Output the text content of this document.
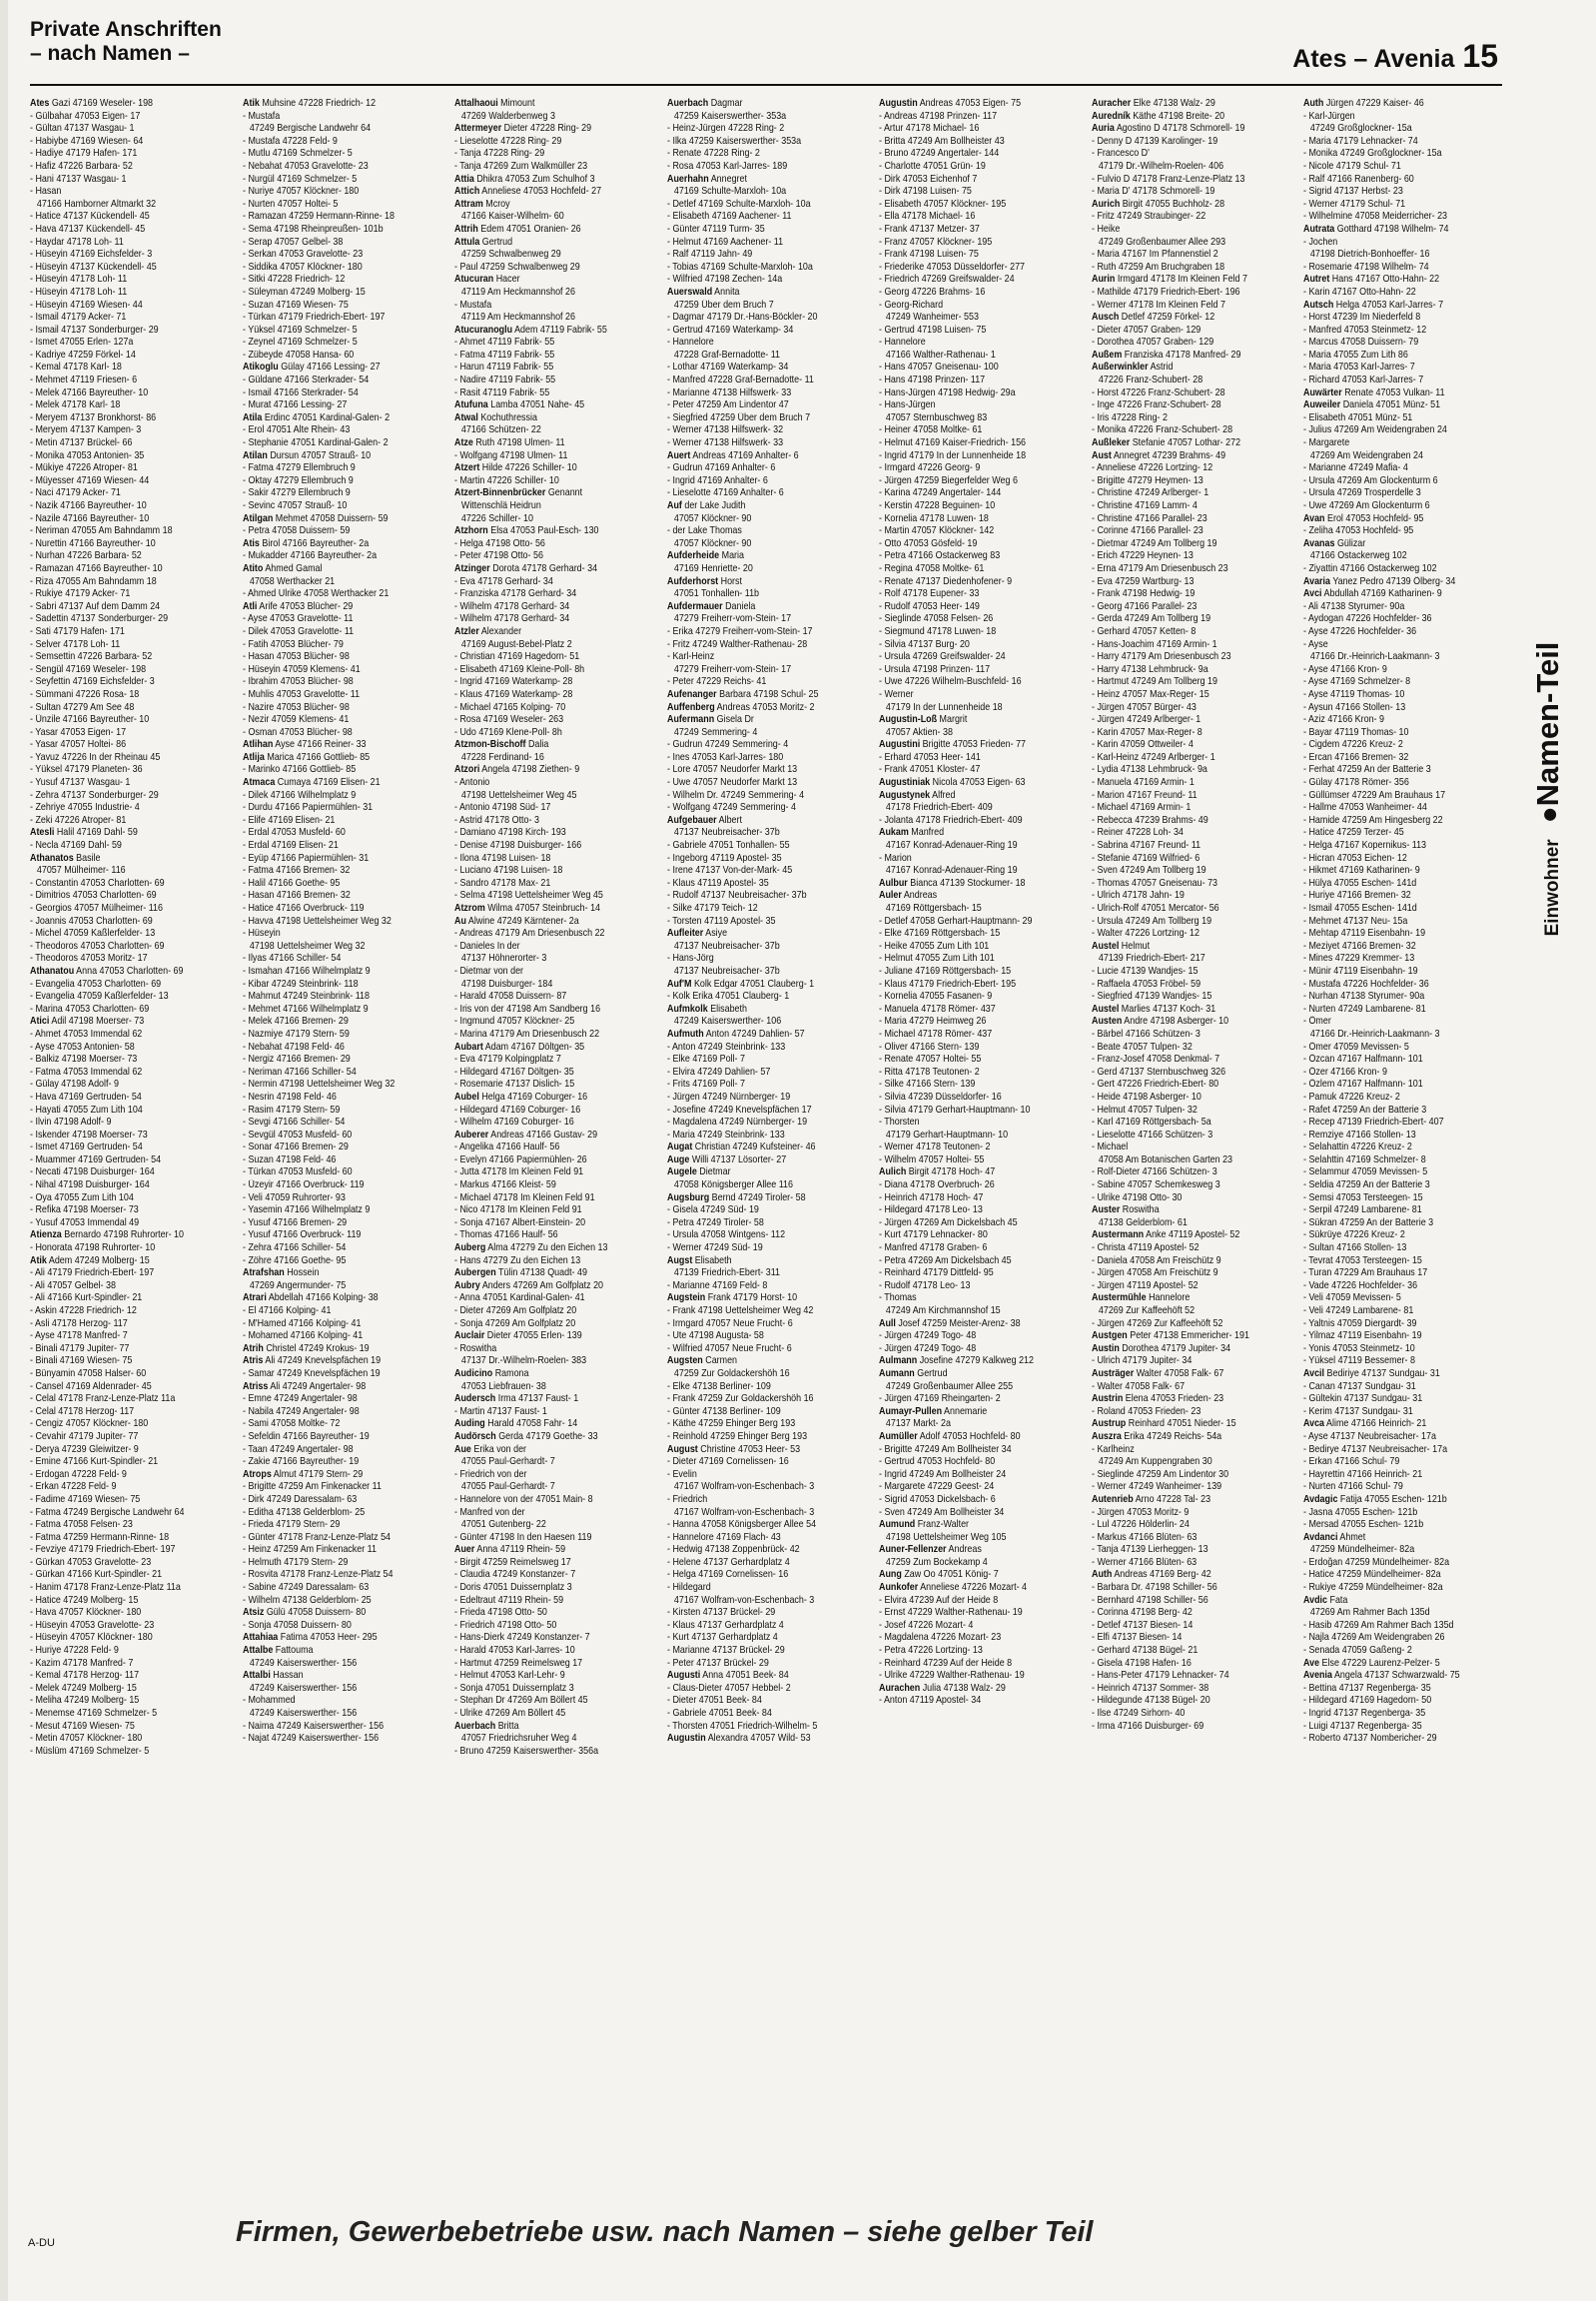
Private Anschriften
– nach Namen –	Ates – Avenia 15
Ates Gazi 47169 Weseler- 198
- Gülbahar 47053 Eigen- 17
- Gültan 47137 Wasgau- 1
- Habiybe 47169 Wiesen- 64
- Hadiye 47179 Hafen- 171
- Hafiz 47226 Barbara- 52
- Hani 47137 Wasgau- 1
- Hasan
47166 Hamborner Altmarkt 32
- Hatice 47137 Kückendell- 45
- Hava 47137 Kückendell- 45
- Haydar 47178 Loh- 11
- Hüseyin 47169 Eichsfelder- 3
- Hüseyin 47137 Kückendell- 45
- Hüseyin 47178 Loh- 11
- Hüseyin 47178 Loh- 11
- Hüseyin 47169 Wiesen- 44
- Ismail 47179 Acker- 71
- Ismail 47137 Sonderburger- 29
- Ismet 47055 Erlen- 127a
- Kadriye 47259 Förkel- 14
- Kemal 47178 Karl- 18
- Mehmet 47119 Friesen- 6
- Melek 47166 Bayreuther- 10
- Melek 47178 Karl- 18
- Meryem 47137 Bronkhorst- 86
- Meryem 47137 Kampen- 3
- Metin 47137 Brückel- 66
- Monika 47053 Antonien- 35
- Mükiye 47226 Atroper- 81
- Müyesser 47169 Wiesen- 44
- Naci 47179 Acker- 71
- Nazik 47166 Bayreuther- 10
- Nazile 47166 Bayreuther- 10
- Neriman 47055 Am Bahndamm 18
- Nurettin 47166 Bayreuther- 10
- Nurhan 47226 Barbara- 52
- Ramazan 47166 Bayreuther- 10
- Riza 47055 Am Bahndamm 18
- Rukiye 47179 Acker- 71
- Sabri 47137 Auf dem Damm 24
- Sadettin 47137 Sonderburger- 29
- Sati 47179 Hafen- 171
- Selver 47178 Loh- 11
- Semsettin 47226 Barbara- 52
- Sengül 47169 Weseler- 198
- Seyfettin 47169 Eichsfelder- 3
- Sümmani 47226 Rosa- 18
- Sultan 47279 Am See 48
- Ünzile 47166 Bayreuther- 10
- Yasar 47053 Eigen- 17
- Yasar 47057 Holtei- 86
- Yavuz 47226 In der Rheinau 45
- Yüksel 47179 Planeten- 36
- Yusuf 47137 Wasgau- 1
- Zehra 47137 Sonderburger- 29
- Zehriye 47055 Industrie- 4
- Zeki 47226 Atroper- 81
Atesli Halil 47169 Dahl- 59
- Necla 47169 Dahl- 59
Athanatos Basile
47057 Mülheimer- 116
- Constantin 47053 Charlotten- 69
- Dimitrios 47053 Charlotten- 69
- Georgios 47057 Mülheimer- 116
- Joannis 47053 Charlotten- 69
- Michel 47059 Kaßlerfelder- 13
- Theodoros 47053 Charlotten- 69
- Theodoros 47053 Moritz- 17
Athanatou Anna 47053 Charlotten- 69
- Evangelia 47053 Charlotten- 69
- Evangelia 47059 Kaßlerfelder- 13
- Marina 47053 Charlotten- 69
Atici Adil 47198 Moerser- 73
- Ahmet 47053 Immendal 62
- Ayse 47053 Antonien- 58
- Balkiz 47198 Moerser- 73
- Fatma 47053 Immendal 62
- Gülay 47198 Adolf- 9
- Hava 47169 Gertruden- 54
- Hayati 47055 Zum Lith 104
- Ilvin 47198 Adolf- 9
- Iskender 47198 Moerser- 73
- Ismet 47169 Gertruden- 54
- Muammer 47169 Gertruden- 54
- Necati 47198 Duisburger- 164
- Nihal 47198 Duisburger- 164
- Oya 47055 Zum Lith 104
- Refika 47198 Moerser- 73
- Yusuf 47053 Immendal 49
Atienza Bernardo 47198 Ruhrorter- 10
- Honorata 47198 Ruhrorter- 10
Atik Adem 47249 Molberg- 15
- Ali 47179 Friedrich-Ebert- 197
- Ali 47057 Gelbel- 38
- Ali 47166 Kurt-Spindler- 21
- Askin 47228 Friedrich- 12
- Asli 47178 Herzog- 117
- Ayse 47178 Manfred- 7
- Binali 47179 Jupiter- 77
- Binali 47169 Wiesen- 75
- Bünyamin 47058 Halser- 60
- Cansel 47169 Aldenrader- 45
- Celal 47178 Franz-Lenze-Platz 11a
- Celal 47178 Herzog- 117
- Cengiz 47057 Klöckner- 180
- Cevahir 47179 Jupiter- 77
- Derya 47239 Gleiwitzer- 9
- Emine 47166 Kurt-Spindler- 21
- Erdogan 47228 Feld- 9
- Erkan 47228 Feld- 9
- Fadime 47169 Wiesen- 75
- Fatma 47249 Bergische Landwehr 64
- Fatma 47058 Felsen- 23
- Fatma 47259 Hermann-Rinne- 18
- Fevziye 47179 Friedrich-Ebert- 197
- Gürkan 47053 Gravelotte- 23
- Gürkan 47166 Kurt-Spindler- 21
- Hanim 47178 Franz-Lenze-Platz 11a
- Hatice 47249 Molberg- 15
- Hava 47057 Klöckner- 180
- Hüseyin 47053 Gravelotte- 23
- Hüseyin 47057 Klöckner- 180
- Huriye 47228 Feld- 9
- Kazim 47178 Manfred- 7
- Kemal 47178 Herzog- 117
- Melek 47249 Molberg- 15
- Meliha 47249 Molberg- 15
- Menemse 47169 Schmelzer- 5
- Mesut 47169 Wiesen- 75
- Metin 47057 Klöckner- 180
- Müslüm 47169 Schmelzer- 5
Atik Muhsine 47228 Friedrich- 12
- Mustafa
47249 Bergische Landwehr 64
- Mustafa 47228 Feld- 9
- Mutlu 47169 Schmelzer- 5
- Nebahat 47053 Gravelotte- 23
- Nurgül 47169 Schmelzer- 5
- Nuriye 47057 Klöckner- 180
- Nurten 47057 Holtei- 5
- Ramazan 47259 Hermann-Rinne- 18
- Sema 47198 Rheinpreußen- 101b
- Serap 47057 Gelbel- 38
- Serkan 47053 Gravelotte- 23
- Siddika 47057 Klöckner- 180
- Sitki 47228 Friedrich- 12
- Süleyman 47249 Molberg- 15
- Suzan 47169 Wiesen- 75
- Türkan 47179 Friedrich-Ebert- 197
- Yüksel 47169 Schmelzer- 5
- Zeynel 47169 Schmelzer- 5
- Zübeyde 47058 Hansa- 60
Atikoglu Gülay 47166 Lessing- 27
- Güldane 47166 Sterkrader- 54
- Ismail 47166 Sterkrader- 54
- Murat 47166 Lessing- 27
Atila Erdinc 47051 Kardinal-Galen- 2
- Erol 47051 Alte Rhein- 43
- Stephanie 47051 Kardinal-Galen- 2
Atilan Dursun 47057 Strauß- 10
- Fatma 47279 Ellembruch 9
- Oktay 47279 Ellembruch 9
- Sakir 47279 Ellembruch 9
- Sevinc 47057 Strauß- 10
Atilgan Mehmet 47058 Duissern- 59
- Petra 47058 Duissern- 59
Atis Birol 47166 Bayreuther- 2a
- Mukadder 47166 Bayreuther- 2a
Atito Ahmed Gamal
47058 Werthacker 21
- Ahmed Ulrike 47058 Werthacker 21
Atli Arife 47053 Blücher- 29
- Ayse 47053 Gravelotte- 11
- Dilek 47053 Gravelotte- 11
- Fatih 47053 Blücher- 79
- Hasan 47053 Blücher- 98
- Hüseyin 47059 Klemens- 41
- Ibrahim 47053 Blücher- 98
- Muhlis 47053 Gravelotte- 11
- Nazire 47053 Blücher- 98
- Nezir 47059 Klemens- 41
- Osman 47053 Blücher- 98
Atlihan Ayse 47166 Reiner- 33
Atlija Marica 47166 Gottlieb- 85
- Marinko 47166 Gottlieb- 85
Atmaca Cumaya 47169 Elisen- 21
- Dilek 47166 Wilhelmplatz 9
- Durdu 47166 Papiermühlen- 31
- Elife 47169 Elisen- 21
- Erdal 47053 Musfeld- 60
- Erdal 47169 Elisen- 21
- Eyüp 47166 Papiermühlen- 31
- Fatma 47166 Bremen- 32
- Halil 47166 Goethe- 95
- Hasan 47166 Bremen- 32
- Hatice 47166 Overbruck- 119
- Havva 47198 Uettelsheimer Weg 32
- Hüseyin
47198 Uettelsheimer Weg 32
- Ilyas 47166 Schiller- 54
- Ismahan 47166 Wilhelmplatz 9
- Kibar 47249 Steinbrink- 118
- Mahmut 47249 Steinbrink- 118
- Mehmet 47166 Wilhelmplatz 9
- Melek 47166 Bremen- 29
- Nazmiye 47179 Stern- 59
- Nebahat 47198 Feld- 46
- Nergiz 47166 Bremen- 29
- Neriman 47166 Schiller- 54
- Nermin 47198 Uettelsheimer Weg 32
- Nesrin 47198 Feld- 46
- Rasim 47179 Stern- 59
- Sevgi 47166 Schiller- 54
- Sevgül 47053 Musfeld- 60
- Sonar 47166 Bremen- 29
- Suzan 47198 Feld- 46
- Türkan 47053 Musfeld- 60
- Üzeyir 47166 Overbruck- 119
- Veli 47059 Ruhrorter- 93
- Yasemin 47166 Wilhelmplatz 9
- Yusuf 47166 Bremen- 29
- Yusuf 47166 Overbruck- 119
- Zehra 47166 Schiller- 54
- Zöhre 47166 Goethe- 95
Atrafshan Hossein
47269 Angermunder- 75
Atrari Abdellah 47166 Kolping- 38
- El 47166 Kolping- 41
- M'Hamed 47166 Kolping- 41
- Mohamed 47166 Kolping- 41
Atrih Christel 47249 Krokus- 19
Atris Ali 47249 Knevelspfächen 19
- Samar 47249 Knevelspfächen 19
Atriss Ali 47249 Angertaler- 98
- Emne 47249 Angertaler- 98
- Nabila 47249 Angertaler- 98
- Sami 47058 Moltke- 72
- Sefeldin 47166 Bayreuther- 19
- Taan 47249 Angertaler- 98
- Zakie 47166 Bayreuther- 19
Atrops Almut 47179 Stern- 29
- Brigitte 47259 Am Finkenacker 11
- Dirk 47249 Daressalam- 63
- Editha 47138 Gelderblom- 25
- Frieda 47179 Stern- 29
- Günter 47178 Franz-Lenze-Platz 54
- Heinz 47259 Am Finkenacker 11
- Helmuth 47179 Stern- 29
- Rosvita 47178 Franz-Lenze-Platz 54
- Sabine 47249 Daressalam- 63
- Wilhelm 47138 Gelderblom- 25
Atsiz Gülü 47058 Duissern- 80
- Sonja 47058 Duissern- 80
Attahiaa Fatima 47053 Heer- 295
Attalbe Fattouma
47249 Kaiserswerther- 156
Attalbi Hassan
47249 Kaiserswerther- 156
- Mohammed
47249 Kaiserswerther- 156
- Naima 47249 Kaiserswerther- 156
- Najat 47249 Kaiserswerther- 156
Attalhaoui Mimount
47269 Walderbenweg 3
Attermeyer Dieter 47228 Ring- 29
- Lieselotte 47228 Ring- 29
- Tanja 47228 Ring- 29
- Tanja 47269 Zum Walkmüller 23
Attia Dhikra 47053 Zum Schulhof 3
Attich Anneliese 47053 Hochfeld- 27
Attram Mcroy
47166 Kaiser-Wilhelm- 60
Attrih Edem 47051 Oranien- 26
Attula Gertrud
47259 Schwalbenweg 29
- Paul 47259 Schwalbenweg 29
Atucuran Hacer
47119 Am Heckmannshof 26
- Mustafa
47119 Am Heckmannshof 26
Atucuranoglu Adem 47119 Fabrik- 55
- Ahmet 47119 Fabrik- 55
- Fatma 47119 Fabrik- 55
- Harun 47119 Fabrik- 55
- Nadire 47119 Fabrik- 55
- Rasit 47119 Fabrik- 55
Atufuna Lamba 47051 Nahe- 45
Atwal Kochuthressia
47166 Schützen- 22
Atze Ruth 47198 Ulmen- 11
- Wolfgang 47198 Ulmen- 11
Atzert Hilde 47226 Schiller- 10
- Martin 47226 Schiller- 10
Atzert-Binnenbrücker Genannt
Wittenschlä Heidrun
47226 Schiller- 10
Atzhorn Elsa 47053 Paul-Esch- 130
- Helga 47198 Otto- 56
- Peter 47198 Otto- 56
Atzinger Dorota 47178 Gerhard- 34
- Eva 47178 Gerhard- 34
- Franziska 47178 Gerhard- 34
- Wilhelm 47178 Gerhard- 34
- Wilhelm 47178 Gerhard- 34
Atzler Alexander
47169 August-Bebel-Platz 2
- Christian 47169 Hagedorn- 51
- Elisabeth 47169 Kleine-Poll- 8h
- Ingrid 47169 Waterkamp- 28
- Klaus 47169 Waterkamp- 28
- Michael 47165 Kolping- 70
- Rosa 47169 Weseler- 263
- Udo 47169 Klene-Poll- 8h
Atzmon-Bischoff Dalia
47228 Ferdinand- 16
Atzori Angela 47198 Ziethen- 9
- Antonio
47198 Uettelsheimer Weg 45
- Antonio 47198 Süd- 17
- Astrid 47178 Otto- 3
- Damiano 47198 Kirch- 193
- Denise 47198 Duisburger- 166
- Ilona 47198 Luisen- 18
- Luciano 47198 Luisen- 18
- Sandro 47178 Max- 21
- Selma 47198 Uettelsheimer Weg 45
Atzrom Wilma 47057 Steinbruch- 14
Au Alwine 47249 Kärntener- 2a
- Andreas 47179 Am Driesenbusch 22
- Danieles In der
47137 Höhnerorter- 3
- Dietmar von der
47198 Duisburger- 184
- Harald 47058 Duissern- 87
- Iris von der 47198 Am Sandberg 16
- Ingmund 47057 Klöckner- 25
- Marina 47179 Am Driesenbusch 22
Aubart Adam 47167 Döltgen- 35
- Eva 47179 Kolpingplatz 7
- Hildegard 47167 Döltgen- 35
- Rosemarie 47137 Dislich- 15
Aubel Helga 47169 Coburger- 16
- Hildegard 47169 Coburger- 16
- Wilhelm 47169 Coburger- 16
Auberer Andreas 47166 Gustav- 29
- Angelika 47166 Haulf- 56
- Evelyn 47166 Papiermühlen- 26
- Jutta 47178 Im Kleinen Feld 91
- Markus 47166 Kleist- 59
- Michael 47178 Im Kleinen Feld 91
- Nico 47178 Im Kleinen Feld 91
- Sonja 47167 Albert-Einstein- 20
- Thomas 47166 Haulf- 56
Auberg Alma 47279 Zu den Eichen 13
- Hans 47279 Zu den Eichen 13
Aubergen Tülin 47138 Quadt- 49
Aubry Anders 47269 Am Golfplatz 20
- Anna 47051 Kardinal-Galen- 41
- Dieter 47269 Am Golfplatz 20
- Sonja 47269 Am Golfplatz 20
Auclair Dieter 47055 Erlen- 139
- Roswitha
47137 Dr.-Wilhelm-Roelen- 383
Audicino Ramona
47053 Liebfrauen- 38
Audersch Irma 47137 Faust- 1
- Martin 47137 Faust- 1
Auding Harald 47058 Fahr- 14
Audörsch Gerda 47179 Goethe- 33
Aue Erika von der
47055 Paul-Gerhardt- 7
- Friedrich von der
47055 Paul-Gerhardt- 7
- Hannelore von der 47051 Main- 8
- Manfred von der
47051 Gutenberg- 22
- Günter 47198 In den Haesen 119
Auer Anna 47119 Rhein- 59
- Birgit 47259 Reimelsweg 17
- Claudia 47249 Konstanzer- 7
- Doris 47051 Duissernplatz 3
- Edeltraut 47119 Rhein- 59
- Frieda 47198 Otto- 50
- Friedrich 47198 Otto- 50
- Hans-Dierk 47249 Konstanzer- 7
- Harald 47053 Karl-Jarres- 10
- Hartmut 47259 Reimelsweg 17
- Helmut 47053 Karl-Lehr- 9
- Sonja 47051 Duissernplatz 3
- Stephan Dr 47269 Am Böllert 45
- Ulrike 47269 Am Böllert 45
Auerbach Britta
47057 Friedrichsruher Weg 4
- Bruno 47259 Kaiserswerther- 356a
Auerbach Dagmar
47259 Kaiserswerther- 353a
- Heinz-Jürgen 47228 Ring- 2
- Ilka 47259 Kaiserswerther- 353a
- Renate 47228 Ring- 2
- Rosa 47053 Karl-Jarres- 189
Auerhahn Annegret
47169 Schulte-Marxloh- 10a
- Detlef 47169 Schulte-Marxloh- 10a
- Elisabeth 47169 Aachener- 11
- Günter 47119 Turm- 35
- Helmut 47169 Aachener- 11
- Ralf 47119 Jahn- 49
- Tobias 47169 Schulte-Marxloh- 10a
- Wilfried 47198 Zechen- 14a
Auerswald Annita
47259 Über dem Bruch 7
- Dagmar 47179 Dr.-Hans-Böckler- 20
- Gertrud 47169 Waterkamp- 34
- Hannelore
47228 Graf-Bernadotte- 11
- Lothar 47169 Waterkamp- 34
- Manfred 47228 Graf-Bernadotte- 11
- Marianne 47138 Hilfswerk- 33
- Peter 47259 Am Lindentor 47
- Siegfried 47259 Über dem Bruch 7
- Werner 47138 Hilfswerk- 32
- Werner 47138 Hilfswerk- 33
Auert Andreas 47169 Anhalter- 6
- Gudrun 47169 Anhalter- 6
- Ingrid 47169 Anhalter- 6
- Lieselotte 47169 Anhalter- 6
Auf der Lake Judith
47057 Klöckner- 90
- der Lake Thomas
47057 Klöckner- 90
Aufderheide Maria
47169 Henriette- 20
Aufderhorst Horst
47051 Tonhallen- 11b
Aufdermauer Daniela
47279 Freiherr-vom-Stein- 17
- Erika 47279 Freiherr-vom-Stein- 17
- Fritz 47249 Walther-Rathenau- 28
- Karl-Heinz
47279 Freiherr-vom-Stein- 17
- Peter 47229 Reichs- 41
Aufenanger Barbara 47198 Schul- 25
Auffenberg Andreas 47053 Moritz- 2
Aufermann Gisela Dr
47249 Semmering- 4
- Gudrun 47249 Semmering- 4
- Ines 47053 Karl-Jarres- 180
- Lore 47057 Neudorfer Markt 13
- Uwe 47057 Neudorfer Markt 13
- Wilhelm Dr. 47249 Semmering- 4
- Wolfgang 47249 Semmering- 4
Aufgebauer Albert
47137 Neubreisacher- 37b
- Gabriele 47051 Tonhallen- 55
- Ingeborg 47119 Apostel- 35
- Irene 47137 Von-der-Mark- 45
- Klaus 47119 Apostel- 35
- Rudolf 47137 Neubreisacher- 37b
- Silke 47179 Teich- 12
- Torsten 47119 Apostel- 35
Aufleiter Asiye
47137 Neubreisacher- 37b
- Hans-Jörg
47137 Neubreisacher- 37b
Auf'M Kolk Edgar 47051 Clauberg- 1
- Kolk Erika 47051 Clauberg- 1
Aufmkolk Elisabeth
47249 Kaiserswerther- 106
Aufmuth Anton 47249 Dahlien- 57
- Anton 47249 Steinbrink- 133
- Elke 47169 Poll- 7
- Elvira 47249 Dahlien- 57
- Frits 47169 Poll- 7
- Jürgen 47249 Nürnberger- 19
- Josefine 47249 Knevelspfächen 17
- Magdalena 47249 Nürnberger- 19
- Maria 47249 Steinbrink- 133
Augat Christian 47249 Kufsteiner- 46
Auge Willi 47137 Lösorter- 27
Augele Dietmar
47058 Königsberger Allee 116
Augsburg Bernd 47249 Tiroler- 58
- Gisela 47249 Süd- 19
- Petra 47249 Tiroler- 58
- Ursula 47058 Wintgens- 112
- Werner 47249 Süd- 19
Augst Elisabeth
47139 Friedrich-Ebert- 311
- Marianne 47169 Feld- 8
Augstein Frank 47179 Horst- 10
- Frank 47198 Uettelsheimer Weg 42
- Irmgard 47057 Neue Frucht- 6
- Ute 47198 Augusta- 58
- Wilfried 47057 Neue Frucht- 6
Augsten Carmen
47259 Zur Goldackershöh 16
- Elke 47138 Berliner- 109
- Frank 47259 Zur Goldackershöh 16
- Günter 47138 Berliner- 109
- Käthe 47259 Ehinger Berg 193
- Reinhold 47259 Ehinger Berg 193
August Christine 47053 Heer- 53
- Dieter 47169 Cornelissen- 16
- Evelin
47167 Wolfram-von-Eschenbach- 3
- Friedrich
47167 Wolfram-von-Eschenbach- 3
- Hanna 47058 Königsberger Allee 54
- Hannelore 47169 Flach- 43
- Hedwig 47138 Zoppenbrück- 42
- Helene 47137 Gerhardplatz 4
- Helga 47169 Cornelissen- 16
- Hildegard
47167 Wolfram-von-Eschenbach- 3
- Kirsten 47137 Brückel- 29
- Klaus 47137 Gerhardplatz 4
- Kurt 47137 Gerhardplatz 4
- Marianne 47137 Brückel- 29
- Peter 47137 Brückel- 29
Augusti Anna 47051 Beek- 84
- Claus-Dieter 47057 Hebbel- 2
- Dieter 47051 Beek- 84
- Gabriele 47051 Beek- 84
- Thorsten 47051 Friedrich-Wilhelm- 5
Augustin Alexandra 47057 Wild- 53
Augustin Andreas 47053 Eigen- 75
- Andreas 47198 Prinzen- 117
- Artur 47178 Michael- 16
- Britta 47249 Am Bollheister 43
- Bruno 47249 Angertaler- 144
- Charlotte 47051 Grün- 19
- Dirk 47053 Eichenhof 7
- Dirk 47198 Luisen- 75
- Elisabeth 47057 Klöckner- 195
- Ella 47178 Michael- 16
- Frank 47137 Metzer- 37
- Franz 47057 Klöckner- 195
- Frank 47198 Luisen- 75
- Friederike 47053 Düsseldorfer- 277
- Friedrich 47269 Greifswalder- 24
- Georg 47226 Brahms- 16
- Georg-Richard
47249 Wanheimer- 553
- Gertrud 47198 Luisen- 75
- Hannelore
47166 Walther-Rathenau- 1
- Hans 47057 Gneisenau- 100
- Hans 47198 Prinzen- 117
- Hans-Jürgen 47198 Hedwig- 29a
- Hans-Jürgen
47057 Sternbuschweg 83
- Heiner 47058 Moltke- 61
- Helmut 47169 Kaiser-Friedrich- 156
- Ingrid 47179 In der Lunnenheide 18
- Irmgard 47226 Georg- 9
- Jürgen 47259 Biegerfelder Weg 6
- Karina 47249 Angertaler- 144
- Kerstin 47228 Beguinen- 10
- Kornelia 47178 Luwen- 18
- Martin 47057 Klöckner- 142
- Otto 47053 Gösfeld- 19
- Petra 47166 Ostackerweg 83
- Regina 47058 Moltke- 61
- Renate 47137 Diedenhofener- 9
- Rolf 47178 Eupener- 33
- Rudolf 47053 Heer- 149
- Sieglinde 47058 Felsen- 26
- Siegmund 47178 Luwen- 18
- Silvia 47137 Burg- 20
- Ursula 47269 Greifswalder- 24
- Ursula 47198 Prinzen- 117
- Uwe 47226 Wilhelm-Buschfeld- 16
- Werner
47179 In der Lunnenheide 18
Augustin-Loß Margrit
47057 Aktien- 38
Augustini Brigitte 47053 Frieden- 77
- Erhard 47053 Heer- 141
- Frank 47051 Kloster- 47
Augustiniak Nicola 47053 Eigen- 63
Augustynek Alfred
47178 Friedrich-Ebert- 409
- Jolanta 47178 Friedrich-Ebert- 409
Aukam Manfred
47167 Konrad-Adenauer-Ring 19
- Marion
47167 Konrad-Adenauer-Ring 19
Aulbur Bianca 47139 Stockumer- 18
Auler Andreas
47169 Röttgersbach- 15
- Detlef 47058 Gerhart-Hauptmann- 29
- Elke 47169 Röttgersbach- 15
- Heike 47055 Zum Lith 101
- Helmut 47055 Zum Lith 101
- Juliane 47169 Röttgersbach- 15
- Klaus 47179 Friedrich-Ebert- 195
- Kornelia 47055 Fasanen- 9
- Manuela 47178 Römer- 437
- Maria 47279 Heimweg 26
- Michael 47178 Römer- 437
- Oliver 47166 Stern- 139
- Renate 47057 Holtei- 55
- Ritta 47178 Teutonen- 2
- Silke 47166 Stern- 139
- Silvia 47239 Düsseldorfer- 16
- Silvia 47179 Gerhart-Hauptmann- 10
- Thorsten
47179 Gerhart-Hauptmann- 10
- Werner 47178 Teutonen- 2
- Wilhelm 47057 Holtei- 55
Aulich Birgit 47178 Hoch- 47
- Diana 47178 Overbruch- 26
- Heinrich 47178 Hoch- 47
- Hildegard 47178 Leo- 13
- Jürgen 47269 Am Dickelsbach 45
- Kurt 47179 Lehnacker- 80
- Manfred 47178 Graben- 6
- Petra 47269 Am Dickelsbach 45
- Reinhard 47179 Dittfeld- 95
- Rudolf 47178 Leo- 13
- Thomas
47249 Am Kirchmannshof 15
Aull Josef 47259 Meister-Arenz- 38
- Jürgen 47249 Togo- 48
- Jürgen 47249 Togo- 48
Aulmann Josefine 47279 Kalkweg 212
Aumann Gertrud
47249 Großenbaumer Allee 255
- Jürgen 47169 Rheingarten- 2
Aumayr-Pullen Annemarie
47137 Markt- 2a
Aumüller Adolf 47053 Hochfeld- 80
- Brigitte 47249 Am Bollheister 34
- Gertrud 47053 Hochfeld- 80
- Ingrid 47249 Am Bollheister 24
- Margarete 47229 Geest- 24
- Sigrid 47053 Dickelsbach- 6
- Sven 47249 Am Bollheister 34
Aumund Franz-Walter
47198 Uettelsheimer Weg 105
Auner-Fellenzer Andreas
47259 Zum Bockekamp 4
Aung Zaw Oo 47051 König- 7
Aunkofer Anneliese 47226 Mozart- 4
- Elvira 47239 Auf der Heide 8
- Ernst 47229 Walther-Rathenau- 19
- Josef 47226 Mozart- 4
- Magdalena 47226 Mozart- 23
- Petra 47226 Lortzing- 13
- Reinhard 47239 Auf der Heide 8
- Ulrike 47229 Walther-Rathenau- 19
Aurachen Julia 47138 Walz- 29
- Anton 47119 Apostel- 34
Auracher Elke 47138 Walz- 29
Auredník Käthe 47198 Breite- 20
Auria Agostino D 47178 Schmorell- 19
- Denny D 47139 Karolinger- 19
- Francesco D'
47179 Dr.-Wilhelm-Roelen- 406
- Fulvio D 47178 Franz-Lenze-Platz 13
- Maria D' 47178 Schmorell- 19
Aurich Birgit 47055 Buchholz- 28
- Fritz 47249 Straubinger- 22
- Heike
47249 Großenbaumer Allee 293
- Maria 47167 Im Pfannenstiel 2
- Ruth 47259 Am Bruchgraben 18
Aurin Irmgard 47178 Im Kleinen Feld 7
- Mathilde 47179 Friedrich-Ebert- 196
- Werner 47178 Im Kleinen Feld 7
Ausch Detlef 47259 Förkel- 12
- Dieter 47057 Graben- 129
- Dorothea 47057 Graben- 129
Außem Franziska 47178 Manfred- 29
Außerwinkler Astrid
47226 Franz-Schubert- 28
- Horst 47226 Franz-Schubert- 28
- Inge 47226 Franz-Schubert- 28
- Iris 47228 Ring- 2
- Monika 47226 Franz-Schubert- 28
Außleker Stefanie 47057 Lothar- 272
Aust Annegret 47239 Brahms- 49
- Anneliese 47226 Lortzing- 12
- Brigitte 47279 Heymen- 13
- Christine 47249 Arlberger- 1
- Christine 47169 Lamm- 4
- Christine 47166 Parallel- 23
- Corinne 47166 Parallel- 23
- Dietmar 47249 Am Tollberg 19
- Erich 47229 Heynen- 13
- Erna 47179 Am Driesenbusch 23
- Eva 47259 Wartburg- 13
- Frank 47198 Hedwig- 19
- Georg 47166 Parallel- 23
- Gerda 47249 Am Tollberg 19
- Gerhard 47057 Ketten- 8
- Hans-Joachim 47169 Armin- 1
- Harry 47179 Am Driesenbusch 23
- Harry 47138 Lehmbruck- 9a
- Hartmut 47249 Am Tollberg 19
- Heinz 47057 Max-Reger- 15
- Jürgen 47057 Bürger- 43
- Jürgen 47249 Arlberger- 1
- Karin 47057 Max-Reger- 8
- Karin 47059 Ottweiler- 4
- Karl-Heinz 47249 Arlberger- 1
- Lydia 47138 Lehmbruck- 9a
- Manuela 47169 Armin- 1
- Marion 47167 Freund- 11
- Michael 47169 Armin- 1
- Rebecca 47239 Brahms- 49
- Reiner 47228 Loh- 34
- Sabrina 47167 Freund- 11
- Stefanie 47169 Wilfried- 6
- Sven 47249 Am Tollberg 19
- Thomas 47057 Gneisenau- 73
- Ulrich 47178 Jahn- 19
- Ulrich-Rolf 47051 Mercator- 56
- Ursula 47249 Am Tollberg 19
- Walter 47226 Lortzing- 12
Austel Helmut
47139 Friedrich-Ebert- 217
- Lucie 47139 Wandjes- 15
- Raffaela 47053 Fröbel- 59
- Siegfried 47139 Wandjes- 15
Austel Marlies 47137 Koch- 31
Austen Andre 47198 Asberger- 10
- Bärbel 47166 Schützen- 3
- Beate 47057 Tulpen- 32
- Franz-Josef 47058 Denkmal- 7
- Gerd 47137 Sternbuschweg 326
- Gert 47226 Friedrich-Ebert- 80
- Heide 47198 Asberger- 10
- Helmut 47057 Tulpen- 32
- Karl 47169 Röttgersbach- 5a
- Lieselotte 47166 Schützen- 3
- Michael
47058 Am Botanischen Garten 23
- Rolf-Dieter 47166 Schützen- 3
- Sabine 47057 Schemkesweg 3
- Ulrike 47198 Otto- 30
Auster Roswitha
47138 Gelderblom- 61
Austermann Anke 47119 Apostel- 52
- Christa 47119 Apostel- 52
- Daniela 47058 Am Freischütz 9
- Jürgen 47058 Am Freischütz 9
- Jürgen 47119 Apostel- 52
Austermühle Hannelore
47269 Zur Kaffeehöft 52
- Jürgen 47269 Zur Kaffeehöft 52
Austgen Peter 47138 Emmericher- 191
Austin Dorothea 47179 Jupiter- 34
- Ulrich 47179 Jupiter- 34
Austräger Walter 47058 Falk- 67
- Walter 47058 Falk- 67
Austrin Elena 47053 Frieden- 23
- Roland 47053 Frieden- 23
Austrup Reinhard 47051 Nieder- 15
Auszra Erika 47249 Reichs- 54a
- Karlheinz
47249 Am Kuppengraben 30
- Sieglinde 47259 Am Lindentor 30
- Werner 47249 Wanheimer- 139
Autenrieb Arno 47228 Tal- 23
- Jürgen 47053 Moritz- 9
- Lul 47226 Hölderlin- 24
- Markus 47166 Blüten- 63
- Tanja 47139 Lierheggen- 13
- Werner 47166 Blüten- 63
Auth Andreas 47169 Berg- 42
- Barbara Dr. 47198 Schiller- 56
- Bernhard 47198 Schiller- 56
- Corinna 47198 Berg- 42
- Detlef 47137 Biesen- 14
- Elfi 47137 Biesen- 14
- Gerhard 47138 Bügel- 21
- Gisela 47198 Hafen- 16
- Hans-Peter 47179 Lehnacker- 74
- Heinrich 47137 Sommer- 38
- Hildegunde 47138 Bügel- 20
- Ilse 47249 Sirhorn- 40
- Irma 47166 Duisburger- 69
Auth Jürgen 47229 Kaiser- 46
- Karl-Jürgen
47249 Großglockner- 15a
- Maria 47179 Lehnacker- 74
- Monika 47249 Großglockner- 15a
- Nicole 47179 Schul- 71
- Ralf 47166 Ranenberg- 60
- Sigrid 47137 Herbst- 23
- Werner 47179 Schul- 71
- Wilhelmine 47058 Meiderricher- 23
Autrata Gotthard 47198 Wilhelm- 74
- Jochen
47198 Dietrich-Bonhoeffer- 16
- Rosemarie 47198 Wilhelm- 74
Autret Hans 47167 Otto-Hahn- 22
- Karin 47167 Otto-Hahn- 22
Autsch Helga 47053 Karl-Jarres- 7
- Horst 47239 Im Niederfeld 8
- Manfred 47053 Steinmetz- 12
- Marcus 47058 Duissern- 79
- Maria 47055 Zum Lith 86
- Maria 47053 Karl-Jarres- 7
- Richard 47053 Karl-Jarres- 7
Auwärter Renate 47053 Vulkan- 11
Auweiler Daniela 47051 Münz- 51
- Elisabeth 47051 Münz- 51
- Julius 47269 Am Weidengraben 24
- Margarete
47269 Am Weidengraben 24
- Marianne 47249 Mafia- 4
- Ursula 47269 Am Glockenturm 6
- Ursula 47269 Trosperdelle 3
- Uwe 47269 Am Glockenturm 6
Avan Erol 47053 Hochfeld- 95
- Zeliha 47053 Hochfeld- 95
Avanas Gülizar
47166 Ostackerweg 102
- Ziyattin 47166 Ostackerweg 102
Avaria Yanez Pedro 47139 Ölberg- 34
Avci Abdullah 47169 Katharinen- 9
- Ali 47138 Styrumer- 90a
- Aydogan 47226 Hochfelder- 36
- Ayse 47226 Hochfelder- 36
- Ayse
47166 Dr.-Heinrich-Laakmann- 3
- Ayse 47166 Kron- 9
- Ayse 47169 Schmelzer- 8
- Ayse 47119 Thomas- 10
- Aysun 47166 Stollen- 13
- Aziz 47166 Kron- 9
- Bayar 47119 Thomas- 10
- Cigdem 47226 Kreuz- 2
- Ercan 47166 Bremen- 32
- Ferhat 47259 An der Batterie 3
- Gülay 47178 Römer- 356
- Güllümser 47229 Am Brauhaus 17
- Hallme 47053 Wanheimer- 44
- Hamide 47259 Am Hingesberg 22
- Hatice 47259 Terzer- 45
- Helga 47167 Kopernikus- 113
- Hicran 47053 Eichen- 12
- Hikmet 47169 Katharinen- 9
- Hülya 47055 Eschen- 141d
- Huriye 47166 Bremen- 32
- Ismail 47055 Eschen- 141d
- Mehmet 47137 Neu- 15a
- Mehtap 47119 Eisenbahn- 19
- Meziyet 47166 Bremen- 32
- Mines 47229 Kremmer- 13
- Münir 47119 Eisenbahn- 19
- Mustafa 47226 Hochfelder- 36
- Nurhan 47138 Styrumer- 90a
- Nurten 47249 Lambarene- 81
- Ömer
47166 Dr.-Heinrich-Laakmann- 3
- Ömer 47059 Mevissen- 5
- Özcan 47167 Halfmann- 101
- Özer 47166 Kron- 9
- Özlem 47167 Halfmann- 101
- Pamuk 47226 Kreuz- 2
- Rafet 47259 An der Batterie 3
- Recep 47139 Friedrich-Ebert- 407
- Remziye 47166 Stollen- 13
- Selahattin 47226 Kreuz- 2
- Selahttin 47169 Schmelzer- 8
- Selammur 47059 Mevissen- 5
- Seldia 47259 An der Batterie 3
- Semsi 47053 Tersteegen- 15
- Serpil 47249 Lambarene- 81
- Sükran 47259 An der Batterie 3
- Sükrüye 47226 Kreuz- 2
- Sultan 47166 Stollen- 13
- Tevrat 47053 Tersteegen- 15
- Turan 47229 Am Brauhaus 17
- Vade 47226 Hochfelder- 36
- Veli 47059 Mevissen- 5
- Veli 47249 Lambarene- 81
- Yaltnis 47059 Diergardt- 39
- Yilmaz 47119 Eisenbahn- 19
- Yonis 47053 Steinmetz- 10
- Yüksel 47119 Bessemer- 8
Avcil Bediriye 47137 Sundgau- 31
- Canan 47137 Sundgau- 31
- Gültekin 47137 Sundgau- 31
- Kerim 47137 Sundgau- 31
Avca Alime 47166 Heinrich- 21
- Ayse 47137 Neubreisacher- 17a
- Bedirye 47137 Neubreisacher- 17a
- Erkan 47166 Schul- 79
- Hayrettin 47166 Heinrich- 21
- Nurten 47166 Schul- 79
Avdagic Fatija 47055 Eschen- 121b
- Jasna 47055 Eschen- 121b
- Mersad 47055 Eschen- 121b
Avdanci Ahmet
47259 Mündelheimer- 82a
- Erdoğan 47259 Mündelheimer- 82a
- Hatice 47259 Mündelheimer- 82a
- Rukiye 47259 Mündelheimer- 82a
Avdic Fata
47269 Am Rahmer Bach 135d
- Hasib 47269 Am Rahmer Bach 135d
- Najla 47269 Am Weidengraben 26
- Senada 47059 Gaßeng- 2
Ave Else 47229 Laurenz-Pelzer- 5
Avenia Angela 47137 Schwarzwald- 75
- Bettina 47137 Regenberga- 35
- Hildegard 47169 Hagedorn- 50
- Ingrid 47137 Regenberga- 35
- Luigi 47137 Regenberga- 35
- Roberto 47137 Nombericher- 29
Einwohner●Namen-Teil
A-DU	Firmen, Gewerbebetriebe usw. nach Namen – siehe gelber Teil
